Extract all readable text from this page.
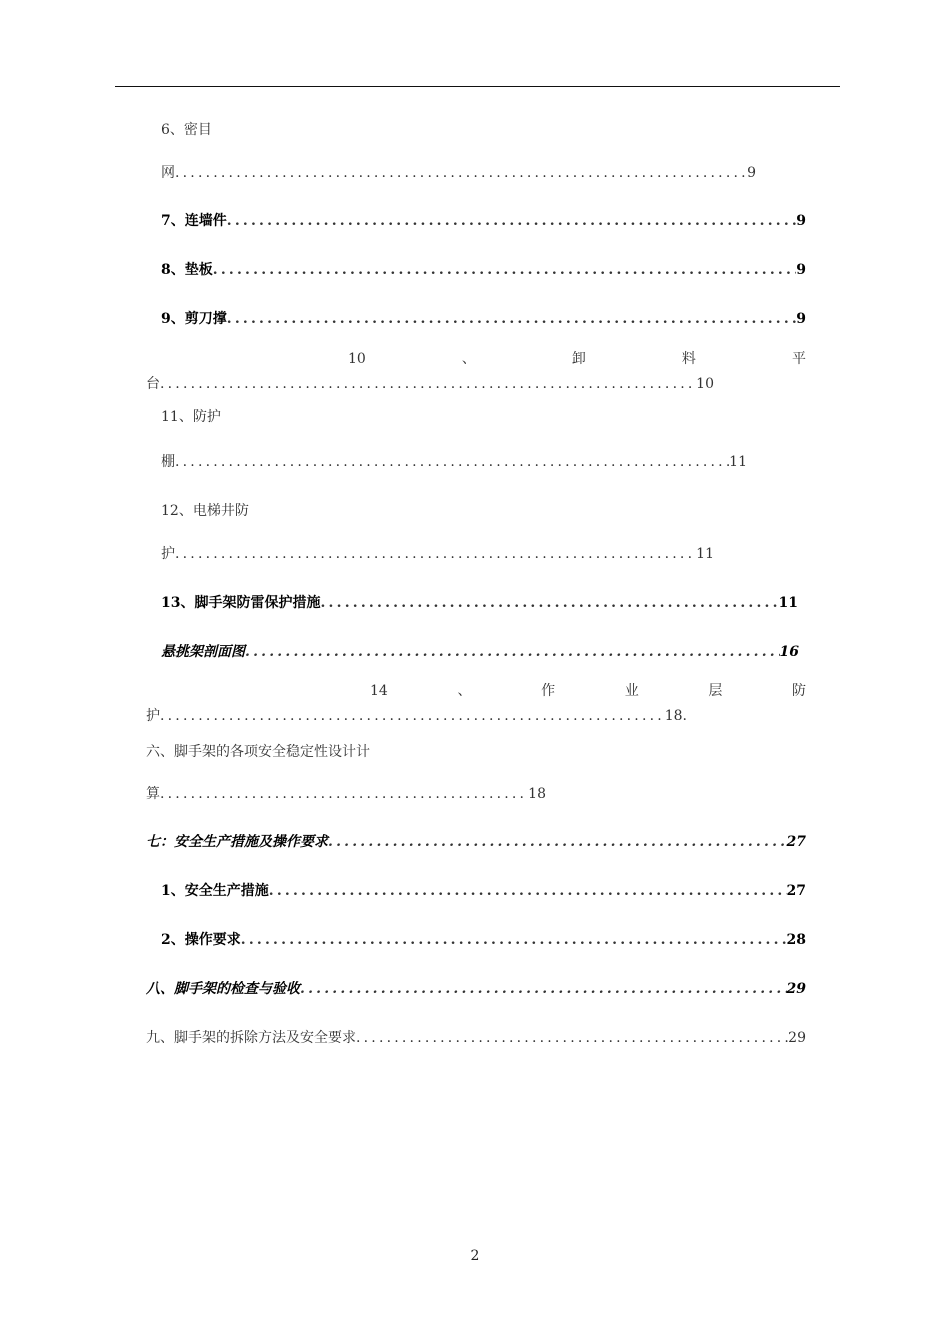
6、密目
网 .....	9
7、连墙件 .....	9
8、垫板 .....	9
9、剪刀撑 .....	9
10	、	卸	料	平
台 .....	10
11、防护
棚 .....	11
12、电梯井防
护 .....	11
13、脚手架防雷保护措施 .....	11
悬挑架剖面图 .....	16
14	、	作	业	层	防
护 .....	18.
六、脚手架的各项安全稳定性设计计
算 .....	18
七：安全生产措施及操作要求 .....	27
1、安全生产措施 .....	27
2、操作要求 .....	28
八、脚手架的检查与验收 .....	29
九、脚手架的拆除方法及安全要求 .....	29
2
